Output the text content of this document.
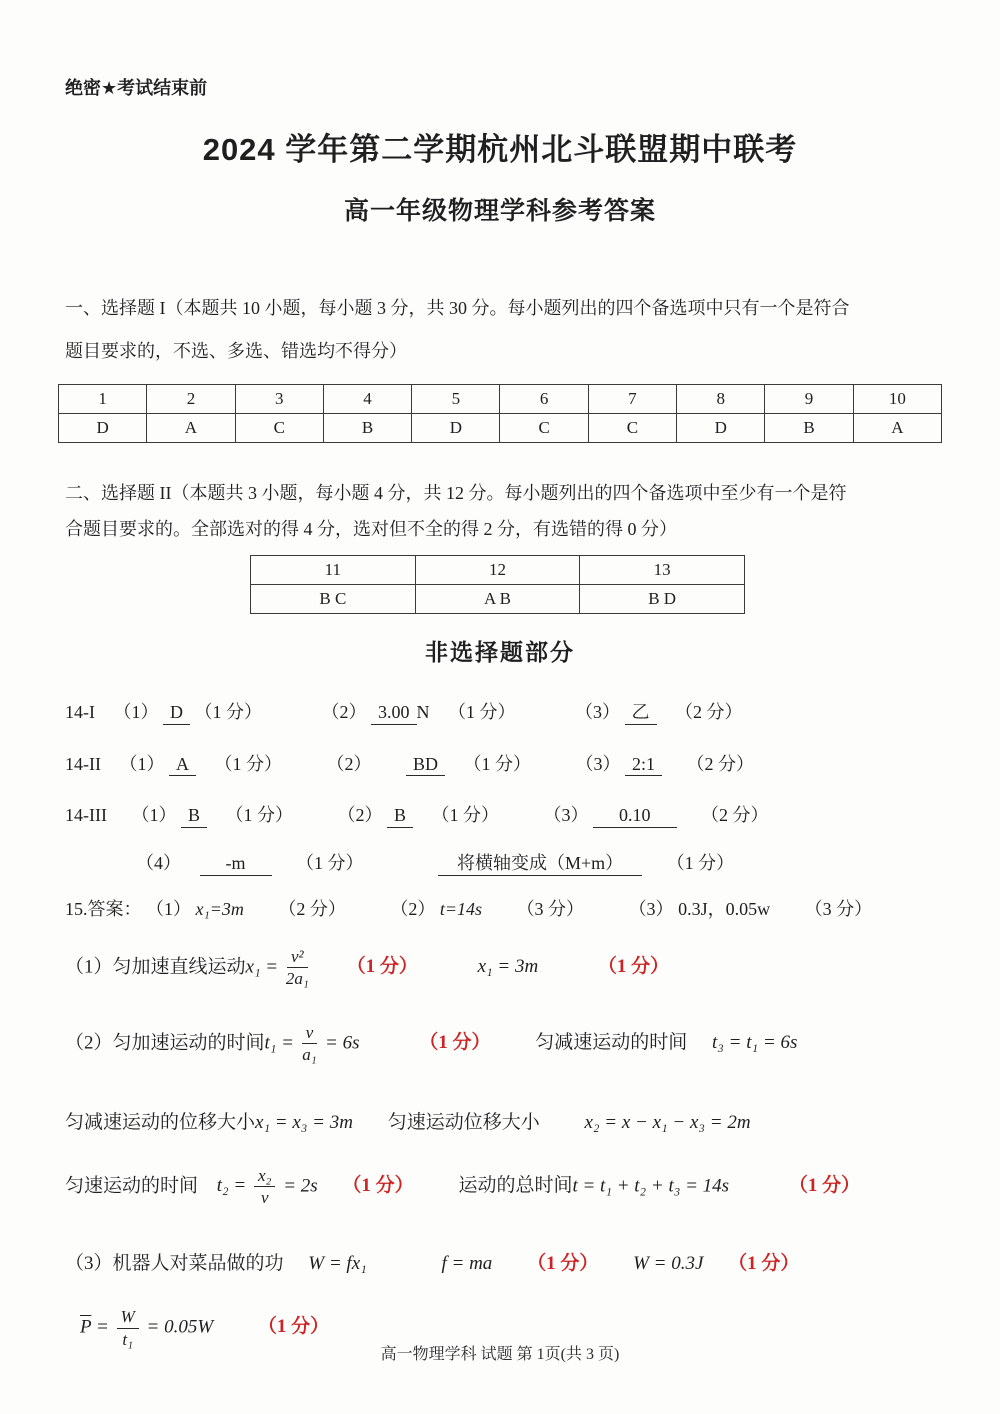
绝密★考试结束前
2024 学年第二学期杭州北斗联盟期中联考
高一年级物理学科参考答案

一、选择题 I（本题共 10 小题，每小题 3 分，共 30 分。每小题列出的四个备选项中只有一个是符合
题目要求的，不选、多选、错选均不得分）

1	2	3	4	5	6	7	8	9	10
D	A	C	B	D	C	C	D	B	A

二、选择题 II（本题共 3 小题，每小题 4 分，共 12 分。每小题列出的四个备选项中至少有一个是符
合题目要求的。全部选对的得 4 分，选对但不全的得 2 分，有选错的得 0 分）

11	12	13
B C	A B	B D
非选择题部分
14-I （1） D （1 分）	（2） 3.00 N （1 分）	（3） 乙 （2 分）
14-II （1） A （1 分） （2） BD （1 分） （3） 2:1 （2 分）
14-III （1） B （1 分） （2） B （1 分） （3） 0.10	（2 分）
（4） -m	（1 分）	将横轴变成（M+m） （1 分）
15.答案： （1） x₁=3m （2 分） （2） t=14s （3 分） （3） 0.3J，0.05w （3 分）
（1）匀加速直线运动$x_1 = \frac{\text{v²}}{\text{2a₁}} (1$ 分）	x₁ = 3m	（1 分）
（2）匀加速运动的时间$t_1 = \frac{v}{\text{a₁}} = 6s$	（1 分） 匀减速运动的时间 t₃ = t₁ = 6s
匀减速运动的位移大小x₁ = x₃ = 3m 匀速运动位移大小 x₂ = x − x₁ − x₃ = 2m
匀速运动的时间 $t_2 = \frac{\text{x₂}}{v} = 2s$ （1 分） 运动的总时间t = t₁ + t₂ + t₃ = 14s	（1 分）
（3）机器人对菜品做的功 W = fx₁	f = ma （1 分） W = 0.3J （1 分）
$\overline{P} = \frac{W}{\text{t₁}} = 0.05W$ （1 分）
高一物理学科 试题 第 1页(共 3 页)
